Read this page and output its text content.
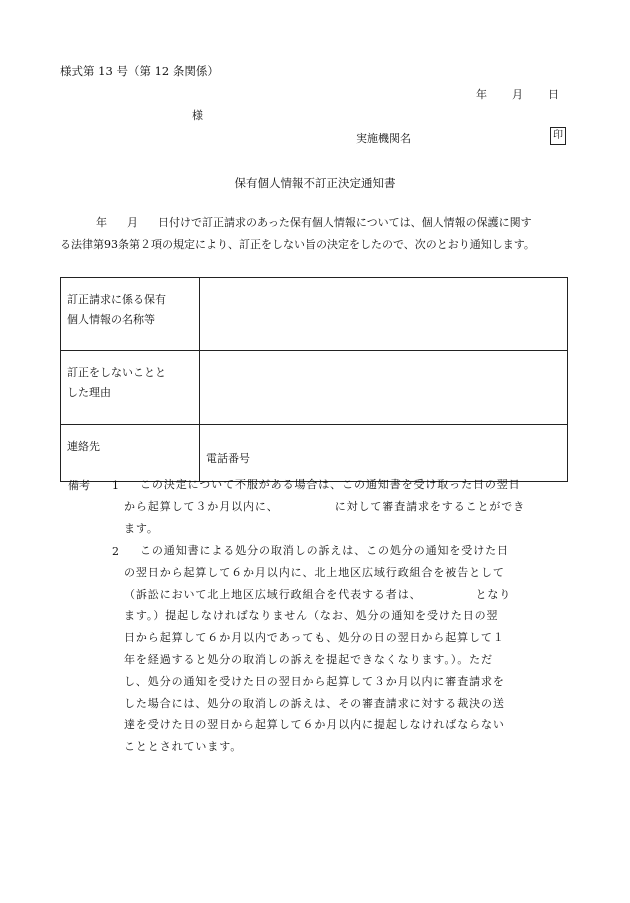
様式第 13 号（第 12 条関係）
年 月 日
様
実施機関名	印
保有個人情報不訂正決定通知書
年 月 日付けで訂正請求のあった保有個人情報については、個人情報の保護に関す
る法律第93条第２項の規定により、訂正をしない旨の決定をしたので、次のとおり通知します。
訂正請求に係る保有
個人情報の名称等	

訂正をしないことと
した理由	

連絡先	電話番号
備考 1
2
この決定について不服がある場合は、この通知書を受け取った日の翌日
から起算して３か月以内に、	に対して審査請求をすることができ
ます。
この通知書による処分の取消しの訴えは、この処分の通知を受けた日
の翌日から起算して６か月以内に、北上地区広域行政組合を被告として
（訴訟において北上地区広域行政組合を代表する者は、	となり
ます。）提起しなければなりません（なお、処分の通知を受けた日の翌
日から起算して６か月以内であっても、処分の日の翌日から起算して１
年を経過すると処分の取消しの訴えを提起できなくなります。）。ただ
し、処分の通知を受けた日の翌日から起算して３か月以内に審査請求を
した場合には、処分の取消しの訴えは、その審査請求に対する裁決の送
達を受けた日の翌日から起算して６か月以内に提起しなければならない
こととされています。
